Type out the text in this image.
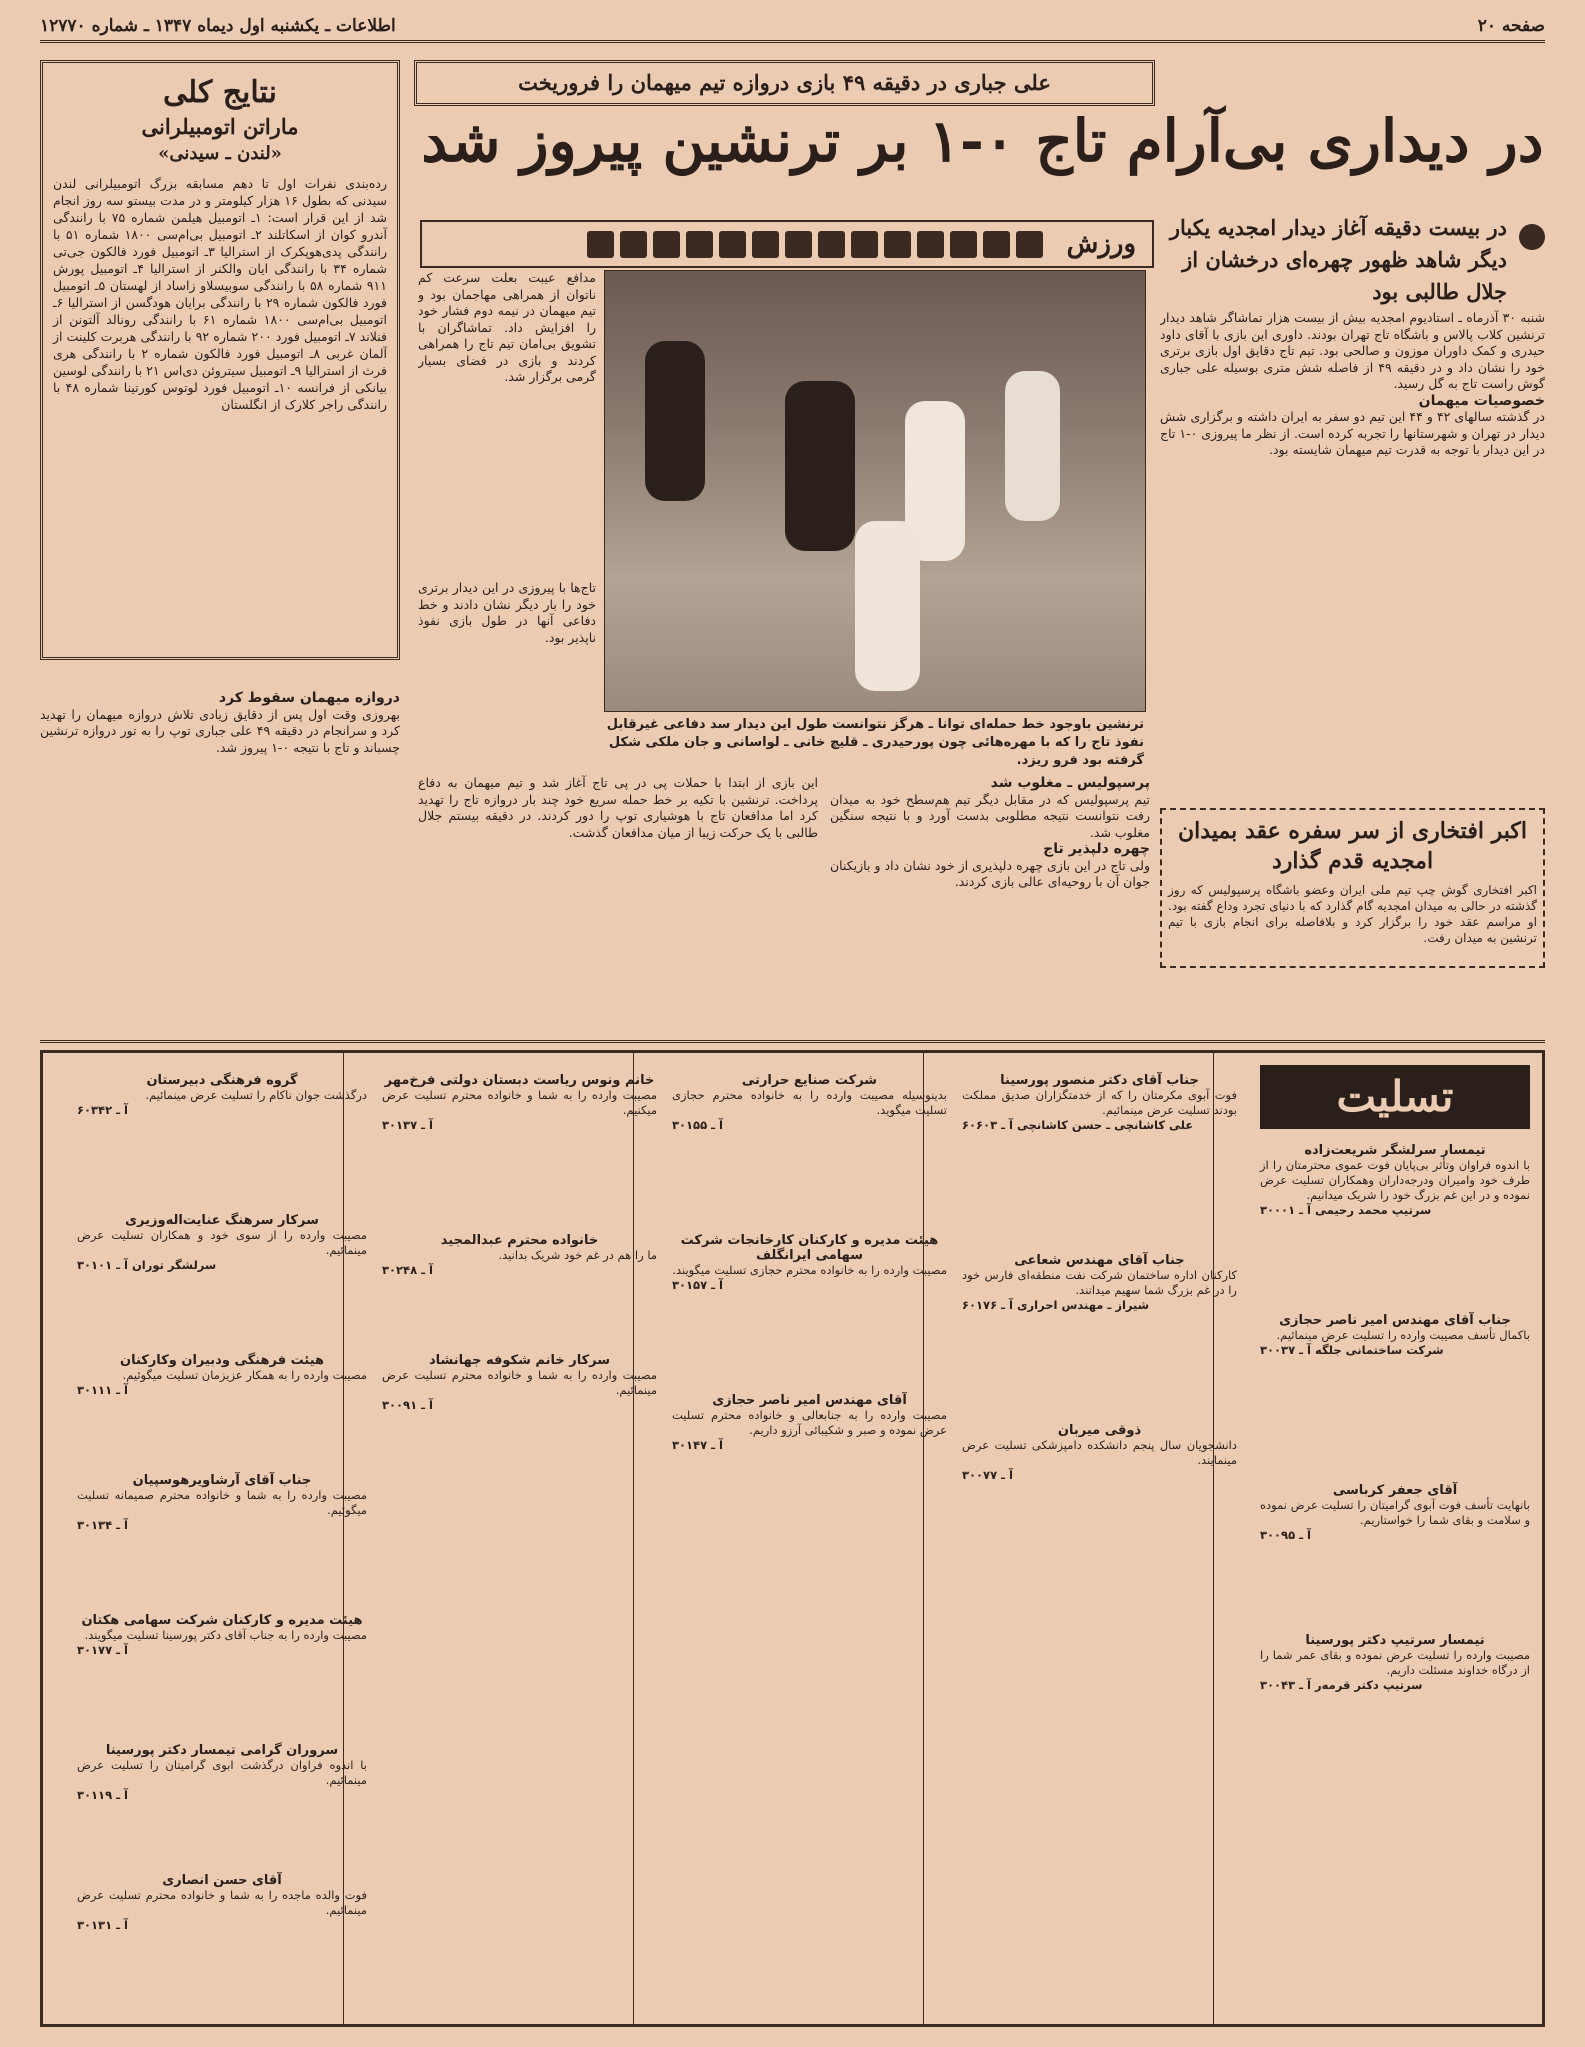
صفحه ۲۰
اطلاعات ـ یکشنبه اول دیماه ۱۳۴۷ ـ شماره ۱۲۷۷۰
علی جباری در دقیقه ۴۹ بازی دروازه تیم میهمان را فروریخت
در دیداری بی‌آرام تاج ۰-۱ بر ترنشین پیروز شد
ورزش
در بیست دقیقه آغاز دیدار امجدیه یکبار دیگر شاهد ظهور چهره‌ای درخشان از جلال طالبی بود
شنبه ۳۰ آذرماه ـ استادیوم امجدیه بیش از بیست هزار تماشاگر شاهد دیدار ترنشین کلاب پالاس و باشگاه تاج تهران بودند. داوری این بازی با آقای داود حیدری و کمک داوران موزون و صالحی بود. تیم تاج دقایق اول بازی برتری خود را نشان داد و در دقیقه ۴۹ از فاصله شش متری بوسیله علی جباری گوش راست تاج به گل رسید.
خصوصیات میهمان
در گذشته سالهای ۴۲ و ۴۴ این تیم دو سفر به ایران داشته و برگزاری شش دیدار در تهران و شهرستانها را تجربه کرده است. از نظر ما پیروزی ۰-۱ تاج در این دیدار با توجه به قدرت تیم میهمان شایسته بود.
ترنشین باوجود خط حمله‌ای توانا ـ هرگز نتوانست طول این دیدار سد دفاعی غیرقابل نفوذ تاج را که با مهره‌هائی چون پورحیدری ـ قلیچ خانی ـ لواسانی و جان ملکی شکل گرفته بود فرو ریزد.
مدافع عیبت بعلت سرعت کم ناتوان از همراهی مهاجمان بود و تیم میهمان در نیمه دوم فشار خود را افزایش داد. تماشاگران با تشویق بی‌امان تیم تاج را همراهی کردند و بازی در فضای بسیار گرمی برگزار شد.
تاج‌ها با پیروزی در این دیدار برتری خود را بار دیگر نشان دادند و خط دفاعی آنها در طول بازی نفوذ ناپذیر بود.
پرسپولیس ـ مغلوب شد
تیم پرسپولیس که در مقابل دیگر تیم هم‌سطح خود به میدان رفت نتوانست نتیجه مطلوبی بدست آورد و با نتیجه سنگین مغلوب شد.
چهره دلپذیر تاج
ولی تاج در این بازی چهره دلپذیری از خود نشان داد و بازیکنان جوان آن با روحیه‌ای عالی بازی کردند.
این بازی از ابتدا با حملات پی در پی تاج آغاز شد و تیم میهمان به دفاع پرداخت. ترنشین با تکیه بر خط حمله سریع خود چند بار دروازه تاج را تهدید کرد اما مدافعان تاج با هوشیاری توپ را دور کردند. در دقیقه بیستم جلال طالبی با یک حرکت زیبا از میان مدافعان گذشت.
دروازه میهمان سقوط کرد
بهروزی وقت اول پس از دقایق زیادی تلاش دروازه میهمان را تهدید کرد و سرانجام در دقیقه ۴۹ علی جباری توپ را به تور دروازه ترنشین چسباند و تاج با نتیجه ۰-۱ پیروز شد.
نتایج کلی
ماراتن اتومبیلرانی
«لندن ـ سیدنی»
رده‌بندی نفرات اول تا دهم مسابقه بزرگ اتومبیلرانی لندن سیدنی که بطول ۱۶ هزار کیلومتر و در مدت بیستو سه روز انجام شد از این قرار است: ۱ـ اتومبیل هیلمن شماره ۷۵ با رانندگی آندرو کوان از اسکاتلند ۲ـ اتومبیل بی‌ام‌سی ۱۸۰۰ شماره ۵۱ با رانندگی پدی‌هوپکرک از استرالیا ۳ـ اتومبیل فورد فالکون جی‌تی شماره ۳۴ با رانندگی ایان والکنر از استرالیا ۴ـ اتومبیل پورش ۹۱۱ شماره ۵۸ با رانندگی سوبیسلاو زاساد از لهستان ۵ـ اتومبیل فورد فالکون شماره ۲۹ با رانندگی برایان هودگسن از استرالیا ۶ـ اتومبیل بی‌ام‌سی ۱۸۰۰ شماره ۶۱ با رانندگی رونالد آلتونن از فنلاند ۷ـ اتومبیل فورد ۲۰۰ شماره ۹۲ با رانندگی هربرت کلینت از آلمان غربی ۸ـ اتومبیل فورد فالکون شماره ۲ با رانندگی هری فرث از استرالیا ۹ـ اتومبیل سیتروئن دی‌اس ۲۱ با رانندگی لوسین بیانکی از فرانسه ۱۰ـ اتومبیل فورد لوتوس کورتینا شماره ۴۸ با رانندگی راجر کلارک از انگلستان
اکبر افتخاری از سر سفره عقد بمیدان امجدیه قدم گذارد
اکبر افتخاری گوش چپ تیم ملی ایران وعضو باشگاه پرسپولیس که روز گذشته در حالی به میدان امجدیه گام گذارد که با دنیای تجرد وداع گفته بود. او مراسم عقد خود را برگزار کرد و بلافاصله برای انجام بازی با تیم ترنشین به میدان رفت.
تسلیت
تیمسار سرلشگر شریعت‌زاده
با اندوه فراوان وتأثر بی‌پایان فوت عموی محترمتان را از طرف خود وامیران ودرجه‌داران وهمکاران تسلیت عرض نموده و در این غم بزرگ خود را شریک میدانیم.
سرتیپ محمد رحیمی آ ـ ۳۰۰۰۱
جناب آقای مهندس امیر ناصر حجازی
باکمال تأسف مصیبت وارده را تسلیت عرض مینمائیم.
شرکت ساختمانی جلگه آ ـ ۳۰۰۳۷
آقای جعفر کرباسی
بانهایت تأسف فوت آبوی گرامیتان را تسلیت عرض نموده و سلامت و بقای شما را خواستاریم.
آ ـ ۳۰۰۹۵
تیمسار سرتیپ دکتر پورسینا
مصیبت وارده را تسلیت عرض نموده و بقای عمر شما را از درگاه خداوند مسئلت داریم.
سرتیپ دکتر قرمه‌ر آ ـ ۳۰۰۴۳
جناب آقای دکتر منصور پورسینا
فوت آبوی مکرمتان را که از خدمتگزاران صدیق مملکت بودند تسلیت عرض مینمائیم.
علی کاشانچی ـ حسن کاشانچی آ ـ ۶۰۶۰۳
جناب آقای مهندس شعاعی
کارکنان اداره ساختمان شرکت نفت منطقه‌ای فارس خود را در غم بزرگ شما سهیم میدانند.
شیراز ـ مهندس احراری آ ـ ۶۰۱۷۶
ذوقی میربان
دانشجویان سال پنجم دانشکده دامپزشکی تسلیت عرض مینمایند.
آ ـ ۳۰۰۷۷
شرکت صنایع حرارتی
بدینوسیله مصیبت وارده را به خانواده محترم حجازی تسلیت میگوید.
آ ـ ۳۰۱۵۵
هیئت مدیره و کارکنان کارخانجات شرکت سهامی ایرانگلف
مصیبت وارده را به خانواده محترم حجازی تسلیت میگویند.
آ ـ ۳۰۱۵۷
آقای مهندس امیر ناصر حجازی
مصیبت وارده را به جنابعالی و خانواده محترم تسلیت عرض نموده و صبر و شکیبائی آرزو داریم.
آ ـ ۳۰۱۴۷
خانم ونوس ریاست دبستان دولتی فرخ‌مهر
مصیبت وارده را به شما و خانواده محترم تسلیت عرض میکنیم.
آ ـ ۳۰۱۳۷
خانواده محترم عبدالمجید
ما را هم در غم خود شریک بدانید.
آ ـ ۳۰۲۴۸
سرکار خانم شکوفه جهانشاد
مصیبت وارده را به شما و خانواده محترم تسلیت عرض مینمائیم.
آ ـ ۳۰۰۹۱
گروه فرهنگی دبیرستان
درگذشت جوان ناکام را تسلیت عرض مینمائیم.
آ ـ ۶۰۳۴۲
سرکار سرهنگ عنایت‌اله‌وزیری
مصیبت وارده را از سوی خود و همکاران تسلیت عرض مینمائیم.
سرلشگر توران آ ـ ۳۰۱۰۱
هیئت فرهنگی ودبیران وکارکنان
مصیبت وارده را به همکار عزیزمان تسلیت میگوئیم.
آ ـ ۳۰۱۱۱
جناب آقای آرشاویرهوسپیان
مصیبت وارده را به شما و خانواده محترم صمیمانه تسلیت میگوئیم.
آ ـ ۳۰۱۳۴
هیئت مدیره و کارکنان شرکت سهامی هکتان
مصیبت وارده را به جناب آقای دکتر پورسینا تسلیت میگویند.
آ ـ ۳۰۱۷۷
سروران گرامی تیمسار دکتر پورسینا
با اندوه فراوان درگذشت ابوی گرامیتان را تسلیت عرض مینمائیم.
آ ـ ۳۰۱۱۹
آقای حسن انصاری
فوت والده ماجده را به شما و خانواده محترم تسلیت عرض مینمائیم.
آ ـ ۳۰۱۳۱
